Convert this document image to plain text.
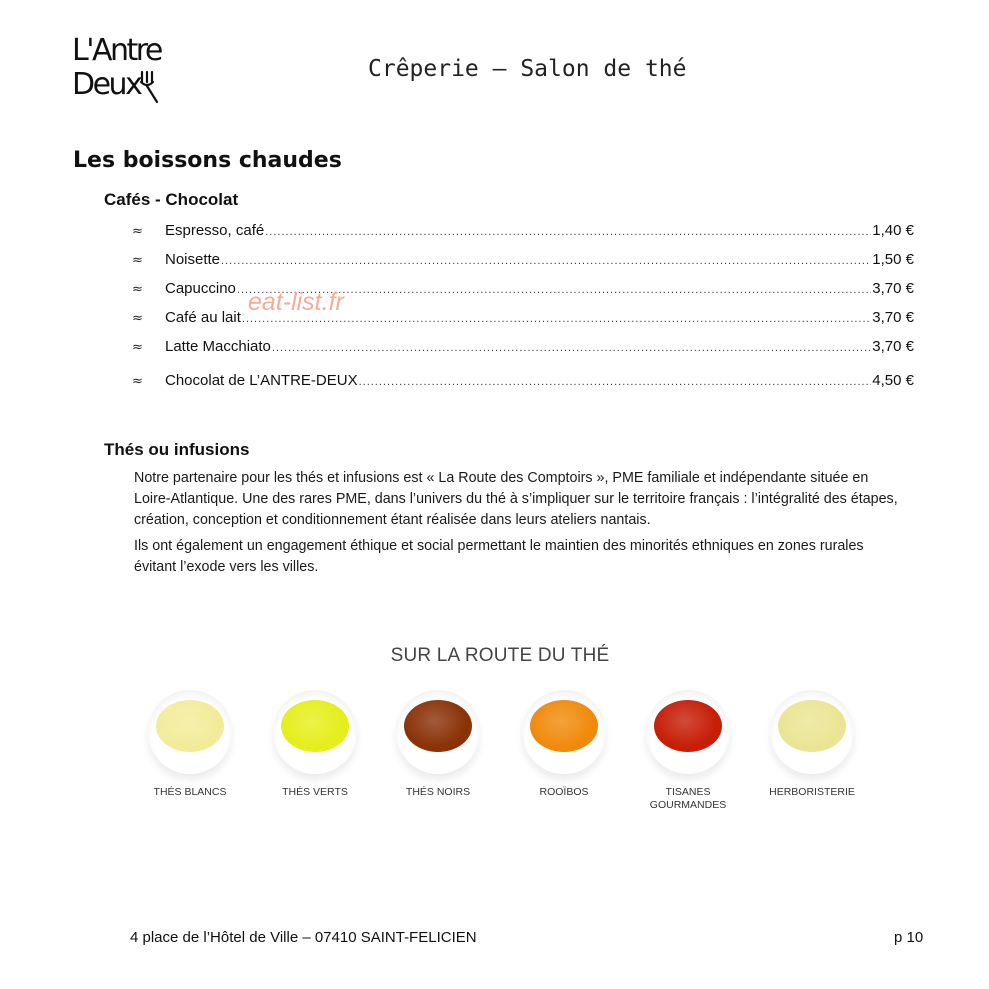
L'Antre
Deux	Crêperie – Salon de thé
Les boissons chaudes
Cafés - Chocolat
≈	Espresso, café .....	1,40 €
≈	Noisette .....	1,50 €
≈	Capuccino .....	3,70 €
≈	Café au lait .....	3,70 €
≈	Latte Macchiato .....	3,70 €
≈	Chocolat de L’ANTRE-DEUX .....	4,50 €
eat-list.fr
Thés ou infusions

Notre partenaire pour les thés et infusions est « La Route des Comptoirs », PME familiale et indépendante située en Loire-Atlantique. Une des rares PME, dans l’univers du thé à s’impliquer sur le territoire français : l’intégralité des étapes, création, conception et conditionnement étant réalisée dans leurs ateliers nantais.

Ils ont également un engagement éthique et social permettant le maintien des minorités ethniques en zones rurales évitant l’exode vers les villes.

SUR LA ROUTE DU THÉ
THÉS BLANCS	THÉS VERTS	THÉS NOIRS	ROOÏBOS	TISANES GOURMANDES
HERBORISTERIE
4 place de l’Hôtel de Ville – 07410 SAINT-FELICIEN	p 10
